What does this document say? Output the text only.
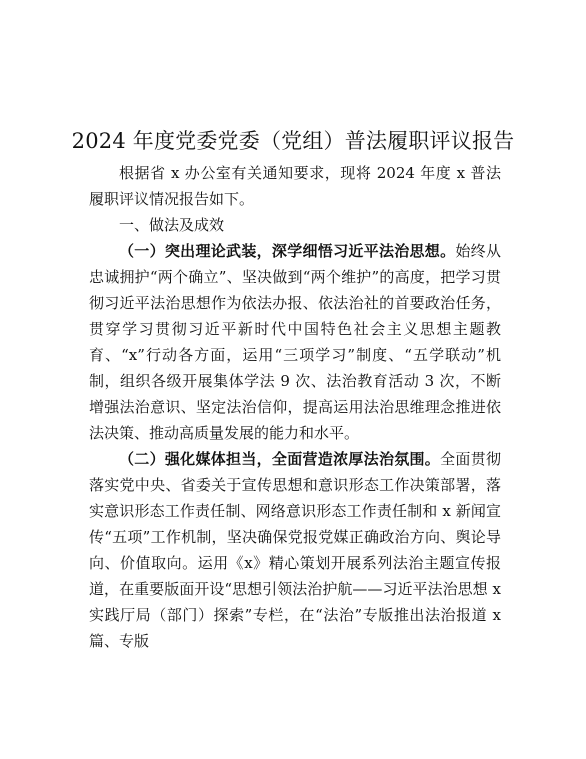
2024 年度党委党委（党组）普法履职评议报告

根据省 x 办公室有关通知要求，现将 2024 年度 x 普法履职评议情况报告如下。

一、做法及成效

（一）突出理论武装，深学细悟习近平法治思想。始终从忠诚拥护“两个确立”、坚决做到“两个维护”的高度，把学习贯彻习近平法治思想作为依法办报、依法治社的首要政治任务，贯穿学习贯彻习近平新时代中国特色社会主义思想主题教育、“x”行动各方面，运用“三项学习”制度、“五学联动”机制，组织各级开展集体学法 9 次、法治教育活动 3 次，不断增强法治意识、坚定法治信仰，提高运用法治思维理念推进依法决策、推动高质量发展的能力和水平。

（二）强化媒体担当，全面营造浓厚法治氛围。全面贯彻落实党中央、省委关于宣传思想和意识形态工作决策部署，落实意识形态工作责任制、网络意识形态工作责任制和 x 新闻宣传“五项”工作机制，坚决确保党报党媒正确政治方向、舆论导向、价值取向。运用《x》精心策划开展系列法治主题宣传报道，在重要版面开设“思想引领法治护航——习近平法治思想 x 实践厅局（部门）探索”专栏，在“法治”专版推出法治报道 x 篇、专版
